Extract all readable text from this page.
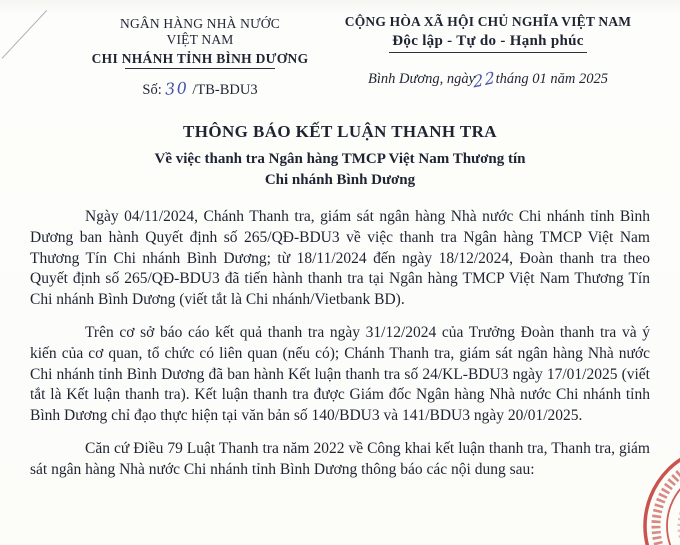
NGÂN HÀNG NHÀ NƯỚC
VIỆT NAM
CHI NHÁNH TỈNH BÌNH DƯƠNG
Số: 30 /TB-BDU3
CỘNG HÒA XÃ HỘI CHỦ NGHĨA VIỆT NAM
Độc lập - Tự do - Hạnh phúc
Bình Dương, ngày 22 tháng 01 năm 2025
THÔNG BÁO KẾT LUẬN THANH TRA
Về việc thanh tra Ngân hàng TMCP Việt Nam Thương tín
Chi nhánh Bình Dương

Ngày 04/11/2024, Chánh Thanh tra, giám sát ngân hàng Nhà nước Chi nhánh tỉnh Bình Dương ban hành Quyết định số 265/QĐ-BDU3 về việc thanh tra Ngân hàng TMCP Việt Nam Thương Tín Chi nhánh Bình Dương; từ 18/11/2024 đến ngày 18/12/2024, Đoàn thanh tra theo Quyết định số 265/QĐ-BDU3 đã tiến hành thanh tra tại Ngân hàng TMCP Việt Nam Thương Tín Chi nhánh Bình Dương (viết tắt là Chi nhánh/Vietbank BD).

Trên cơ sở báo cáo kết quả thanh tra ngày 31/12/2024 của Trưởng Đoàn thanh tra và ý kiến của cơ quan, tổ chức có liên quan (nếu có); Chánh Thanh tra, giám sát ngân hàng Nhà nước Chi nhánh tỉnh Bình Dương đã ban hành Kết luận thanh tra số 24/KL-BDU3 ngày 17/01/2025 (viết tắt là Kết luận thanh tra). Kết luận thanh tra được Giám đốc Ngân hàng Nhà nước Chi nhánh tỉnh Bình Dương chỉ đạo thực hiện tại văn bản số 140/BDU3 và 141/BDU3 ngày 20/01/2025.

Căn cứ Điều 79 Luật Thanh tra năm 2022 về Công khai kết luận thanh tra, Thanh tra, giám sát ngân hàng Nhà nước Chi nhánh tỉnh Bình Dương thông báo các nội dung sau:
